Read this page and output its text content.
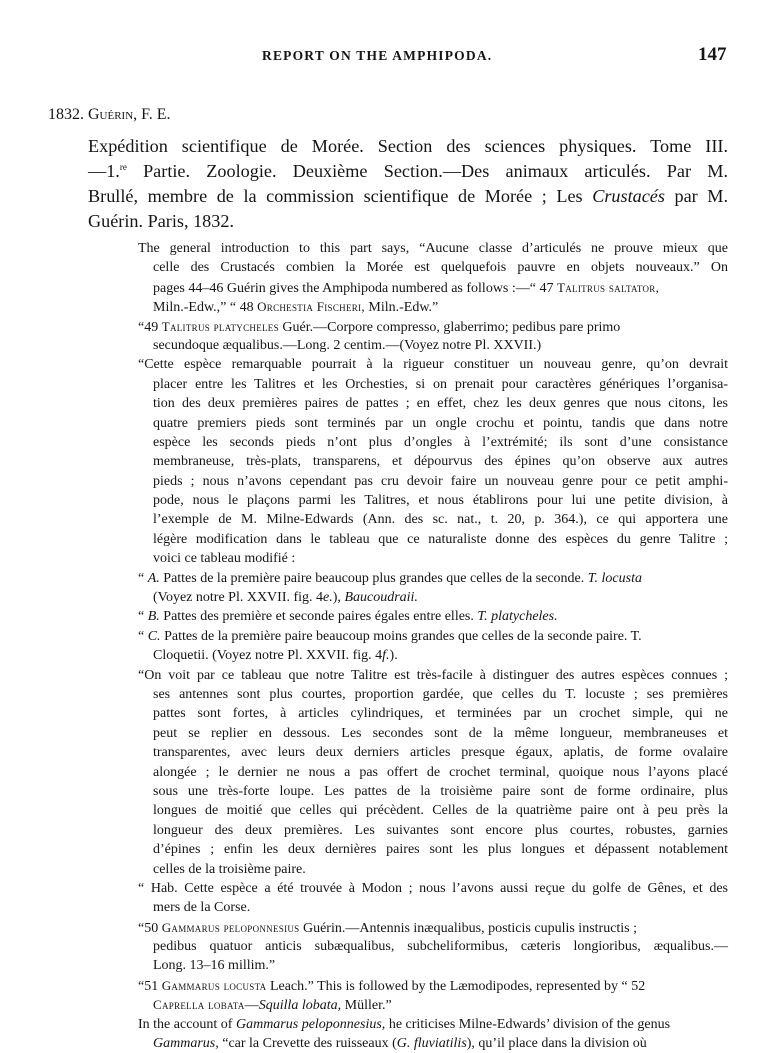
REPORT ON THE AMPHIPODA.	147
1832. Guérin, F. E.
Expédition scientifique de Morée. Section des sciences physiques. Tome III.
—1.$^{re}$ Partie. Zoologie. Deuxième Section.—Des animaux articulés. Par M.
Brullé, membre de la commission scientifique de Morée ; Les Crustacés par M.
Guérin. Paris, 1832.
The general introduction to this part says, “Aucune classe d’articulés ne prouve mieux que
celle des Crustacés combien la Morée est quelquefois pauvre en objets nouveaux.” On
pages 44–46 Guérin gives the Amphipoda numbered as follows :—“ 47 Talitrus saltator,
Miln.-Edw.,” “ 48 Orchestia Fischeri, Miln.-Edw.”
“49 Talitrus platycheles Guér.—Corpore compresso, glaberrimo; pedibus pare primo
secundoque æqualibus.—Long. 2 centim.—(Voyez notre Pl. XXVII.)
“Cette espèce remarquable pourrait à la rigueur constituer un nouveau genre, qu’on devrait
placer entre les Talitres et les Orchesties, si on prenait pour caractères génériques l’organisa-
tion des deux premières paires de pattes ; en effet, chez les deux genres que nous citons, les
quatre premiers pieds sont terminés par un ongle crochu et pointu, tandis que dans notre
espèce les seconds pieds n’ont plus d’ongles à l’extrémité; ils sont d’une consistance
membraneuse, très-plats, transparens, et dépourvus des épines qu’on observe aux autres
pieds ; nous n’avons cependant pas cru devoir faire un nouveau genre pour ce petit amphi-
pode, nous le plaçons parmi les Talitres, et nous établirons pour lui une petite division, à
l’exemple de M. Milne-Edwards (Ann. des sc. nat., t. 20, p. 364.), ce qui apportera une
légère modification dans le tableau que ce naturaliste donne des espèces du genre Talitre ;
voici ce tableau modifié :
“ A. Pattes de la première paire beaucoup plus grandes que celles de la seconde. T. locusta
(Voyez notre Pl. XXVII. fig. 4e.), Baucoudraii.
“ B. Pattes des première et seconde paires égales entre elles. T. platycheles.
“ C. Pattes de la première paire beaucoup moins grandes que celles de la seconde paire. T.
Cloquetii. (Voyez notre Pl. XXVII. fig. 4f.).
“On voit par ce tableau que notre Talitre est très-facile à distinguer des autres espèces connues ;
ses antennes sont plus courtes, proportion gardée, que celles du T. locuste ; ses premières
pattes sont fortes, à articles cylindriques, et terminées par un crochet simple, qui ne
peut se replier en dessous. Les secondes sont de la même longueur, membraneuses et
transparentes, avec leurs deux derniers articles presque égaux, aplatis, de forme ovalaire
alongée ; le dernier ne nous a pas offert de crochet terminal, quoique nous l’ayons placé
sous une très-forte loupe. Les pattes de la troisième paire sont de forme ordinaire, plus
longues de moitié que celles qui précèdent. Celles de la quatrième paire ont à peu près la
longueur des deux premières. Les suivantes sont encore plus courtes, robustes, garnies
d’épines ; enfin les deux dernières paires sont les plus longues et dépassent notablement
celles de la troisième paire.
“ Hab. Cette espèce a été trouvée à Modon ; nous l’avons aussi reçue du golfe de Gênes, et des
mers de la Corse.
“50 Gammarus peloponnesius Guérin.—Antennis inæqualibus, posticis cupulis instructis ;
pedibus quatuor anticis subæqualibus, subcheliformibus, cæteris longioribus, æqualibus.—
Long. 13–16 millim.”
“51 Gammarus locusta Leach.” This is followed by the Læmodipodes, represented by “ 52
Caprella lobata—Squilla lobata, Müller.”
In the account of Gammarus peloponnesius, he criticises Milne-Edwards’ division of the genus
Gammarus, “car la Crevette des ruisseaux (G. fluviatilis), qu’il place dans la division où
